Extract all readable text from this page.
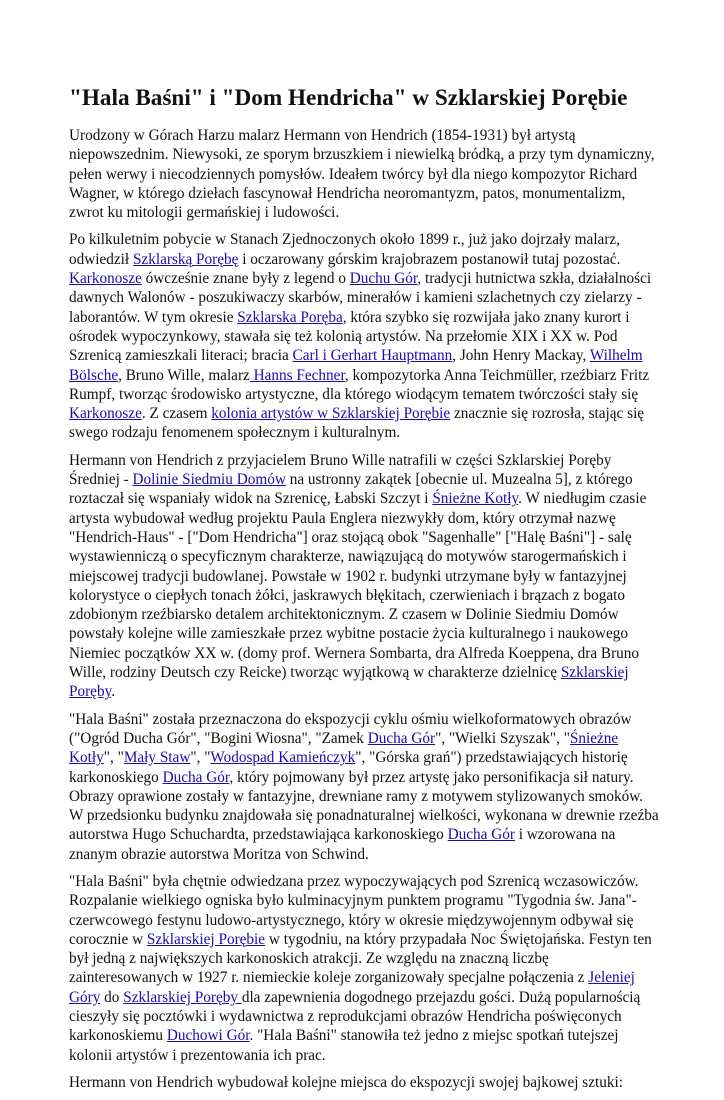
"Hala Baśni" i "Dom Hendricha" w Szklarskiej Porębie

Urodzony w Górach Harzu malarz Hermann von Hendrich (1854-1931) był artystą niepowszednim. Niewysoki, ze sporym brzuszkiem i niewielką bródką, a przy tym dynamiczny, pełen werwy i niecodziennych pomysłów. Ideałem twórcy był dla niego kompozytor Richard Wagner, w którego dziełach fascynował Hendricha neoromantyzm, patos, monumentalizm, zwrot ku mitologii germańskiej i ludowości.

Po kilkuletnim pobycie w Stanach Zjednoczonych około 1899 r., już jako dojrzały malarz, odwiedził Szklarską Porębę i oczarowany górskim krajobrazem postanowił tutaj pozostać. Karkonosze ówcześnie znane były z legend o Duchu Gór, tradycji hutnictwa szkła, działalności dawnych Walonów - poszukiwaczy skarbów, minerałów i kamieni szlachetnych czy zielarzy - laborantów. W tym okresie Szklarska Poręba, która szybko się rozwijała jako znany kurort i ośrodek wypoczynkowy, stawała się też kolonią artystów. Na przełomie XIX i XX w. Pod Szrenicą zamieszkali literaci; bracia Carl i Gerhart Hauptmann, John Henry Mackay, Wilhelm Bölsche, Bruno Wille, malarz Hanns Fechner, kompozytorka Anna Teichmüller, rzeźbiarz Fritz Rumpf, tworząc środowisko artystyczne, dla którego wiodącym tematem twórczości stały się Karkonosze. Z czasem kolonia artystów w Szklarskiej Porębie znacznie się rozrosła, stając się swego rodzaju fenomenem społecznym i kulturalnym.

Hermann von Hendrich z przyjacielem Bruno Wille natrafili w części Szklarskiej Poręby Średniej - Dolinie Siedmiu Domów na ustronny zakątek [obecnie ul. Muzealna 5], z którego roztaczał się wspaniały widok na Szrenicę, Łabski Szczyt i Śnieżne Kotły. W niedługim czasie artysta wybudował według projektu Paula Englera niezwykły dom, który otrzymał nazwę "Hendrich-Haus" - ["Dom Hendricha"] oraz stojącą obok "Sagenhalle" ["Halę Baśni"] - salę wystawienniczą o specyficznym charakterze, nawiązującą do motywów starogermańskich i miejscowej tradycji budowlanej. Powstałe w 1902 r. budynki utrzymane były w fantazyjnej kolorystyce o ciepłych tonach żółci, jaskrawych błękitach, czerwieniach i brązach z bogato zdobionym rzeźbiarsko detalem architektonicznym. Z czasem w Dolinie Siedmiu Domów powstały kolejne wille zamieszkałe przez wybitne postacie życia kulturalnego i naukowego Niemiec początków XX w. (domy prof. Wernera Sombarta, dra Alfreda Koeppena, dra Bruno Wille, rodziny Deutsch czy Reicke) tworząc wyjątkową w charakterze dzielnicę Szklarskiej Poręby.

"Hala Baśni" została przeznaczona do ekspozycji cyklu ośmiu wielkoformatowych obrazów ("Ogród Ducha Gór", "Bogini Wiosna", "Zamek Ducha Gór", "Wielki Szyszak", "Śnieżne Kotły", "Mały Staw", "Wodospad Kamieńczyk", "Górska grań") przedstawiających historię karkonoskiego Ducha Gór, który pojmowany był przez artystę jako personifikacja sił natury. Obrazy oprawione zostały w fantazyjne, drewniane ramy z motywem stylizowanych smoków. W przedsionku budynku znajdowała się ponadnaturalnej wielkości, wykonana w drewnie rzeźba autorstwa Hugo Schuchardta, przedstawiająca karkonoskiego Ducha Gór i wzorowana na znanym obrazie autorstwa Moritza von Schwind.

"Hala Baśni" była chętnie odwiedzana przez wypoczywających pod Szrenicą wczasowiczów. Rozpalanie wielkiego ogniska było kulminacyjnym punktem programu "Tygodnia św. Jana"- czerwcowego festynu ludowo-artystycznego, który w okresie międzywojennym odbywał się corocznie w Szklarskiej Porębie w tygodniu, na który przypadała Noc Świętojańska. Festyn ten był jedną z największych karkonoskich atrakcji. Ze względu na znaczną liczbę zainteresowanych w 1927 r. niemieckie koleje zorganizowały specjalne połączenia z Jeleniej Góry do Szklarskiej Poręby dla zapewnienia dogodnego przejazdu gości. Dużą popularnością cieszyły się pocztówki i wydawnictwa z reprodukcjami obrazów Hendricha poświęconych karkonoskiemu Duchowi Gór. "Hala Baśni" stanowiła też jedno z miejsc spotkań tutejszej kolonii artystów i prezentowania ich prac.

Hermann von Hendrich wybudował kolejne miejsca do ekspozycji swojej bajkowej sztuki:
